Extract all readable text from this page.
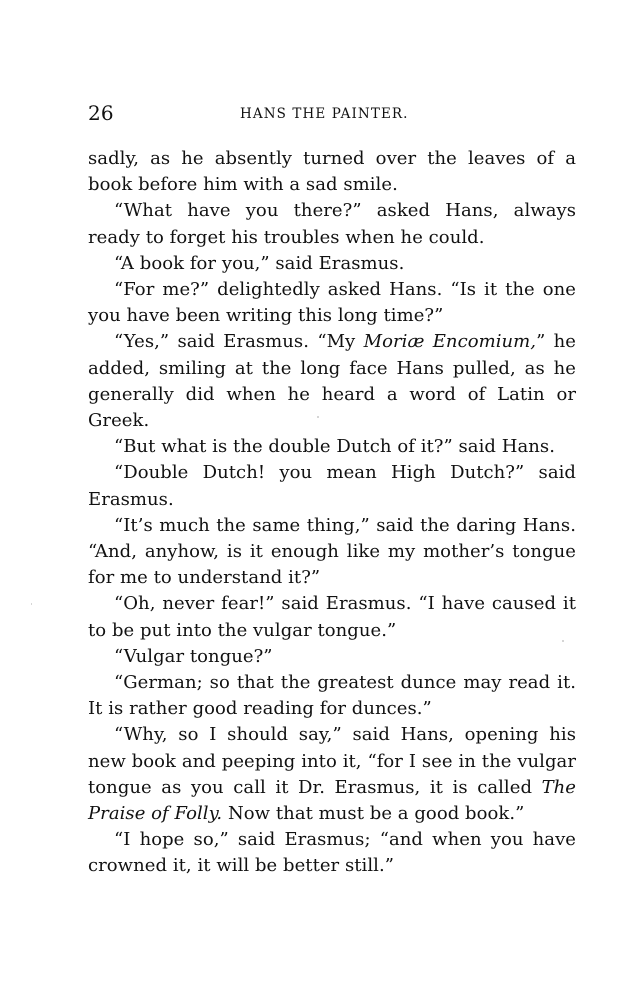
26	HANS THE PAINTER.

sadly, as he absently turned over the leaves of a book before him with a sad smile.

“What have you there?” asked Hans, always ready to forget his troubles when he could.

“A book for you,” said Erasmus.

“For me?” delightedly asked Hans. “Is it the one you have been writing this long time?”

“Yes,” said Erasmus. “My Moriæ Encomium,” he added, smiling at the long face Hans pulled, as he generally did when he heard a word of Latin or Greek.

“But what is the double Dutch of it?” said Hans.

“Double Dutch! you mean High Dutch?” said Erasmus.

“It’s much the same thing,” said the daring Hans. “And, anyhow, is it enough like my mother’s tongue for me to understand it?”

“Oh, never fear!” said Erasmus. “I have caused it to be put into the vulgar tongue.”

“Vulgar tongue?”

“German; so that the greatest dunce may read it. It is rather good reading for dunces.”

“Why, so I should say,” said Hans, opening his new book and peeping into it, “for I see in the vulgar tongue as you call it Dr. Erasmus, it is called The Praise of Folly. Now that must be a good book.”

“I hope so,” said Erasmus; “and when you have crowned it, it will be better still.”
